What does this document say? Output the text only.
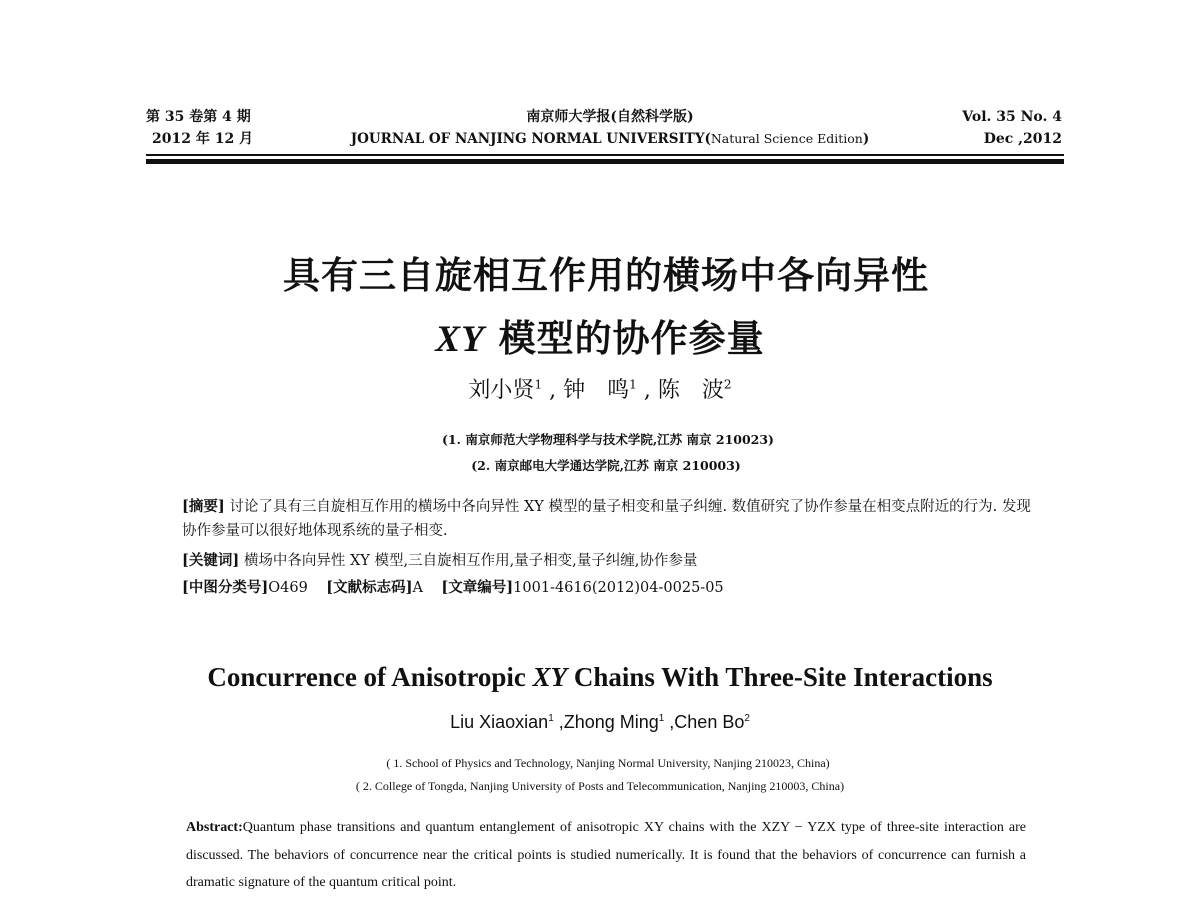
第 35 卷第 4 期
2012 年 12 月
南京师大学报(自然科学版)
JOURNAL OF NANJING NORMAL UNIVERSITY(Natural Science Edition)
Vol. 35 No. 4
Dec ,2012
具有三自旋相互作用的横场中各向异性
XY 模型的协作参量
刘小贤$^1$ , 钟　鸣$^1$ , 陈　波$^2$
(1. 南京师范大学物理科学与技术学院,江苏 南京 210023)
(2. 南京邮电大学通达学院,江苏 南京 210003)
[摘要] 讨论了具有三自旋相互作用的横场中各向异性 XY 模型的量子相变和量子纠缠. 数值研究了协作参量在相变点附近的行为. 发现协作参量可以很好地体现系统的量子相变.
[关键词] 横场中各向异性 XY 模型,三自旋相互作用,量子相变,量子纠缠,协作参量
[中图分类号]O469 [文献标志码]A [文章编号]1001-4616(2012)04-0025-05
Concurrence of Anisotropic XY Chains With Three-Site Interactions
Liu Xiaoxian$^1$ ,Zhong Ming$^1$ ,Chen Bo$^2$
( 1. School of Physics and Technology, Nanjing Normal University, Nanjing 210023, China)
( 2. College of Tongda, Nanjing University of Posts and Telecommunication, Nanjing 210003, China)
Abstract:Quantum phase transitions and quantum entanglement of anisotropic XY chains with the XZY − YZX type of three-site interaction are discussed. The behaviors of concurrence near the critical points is studied numerically. It is found that the behaviors of concurrence can furnish a dramatic signature of the quantum critical point.
